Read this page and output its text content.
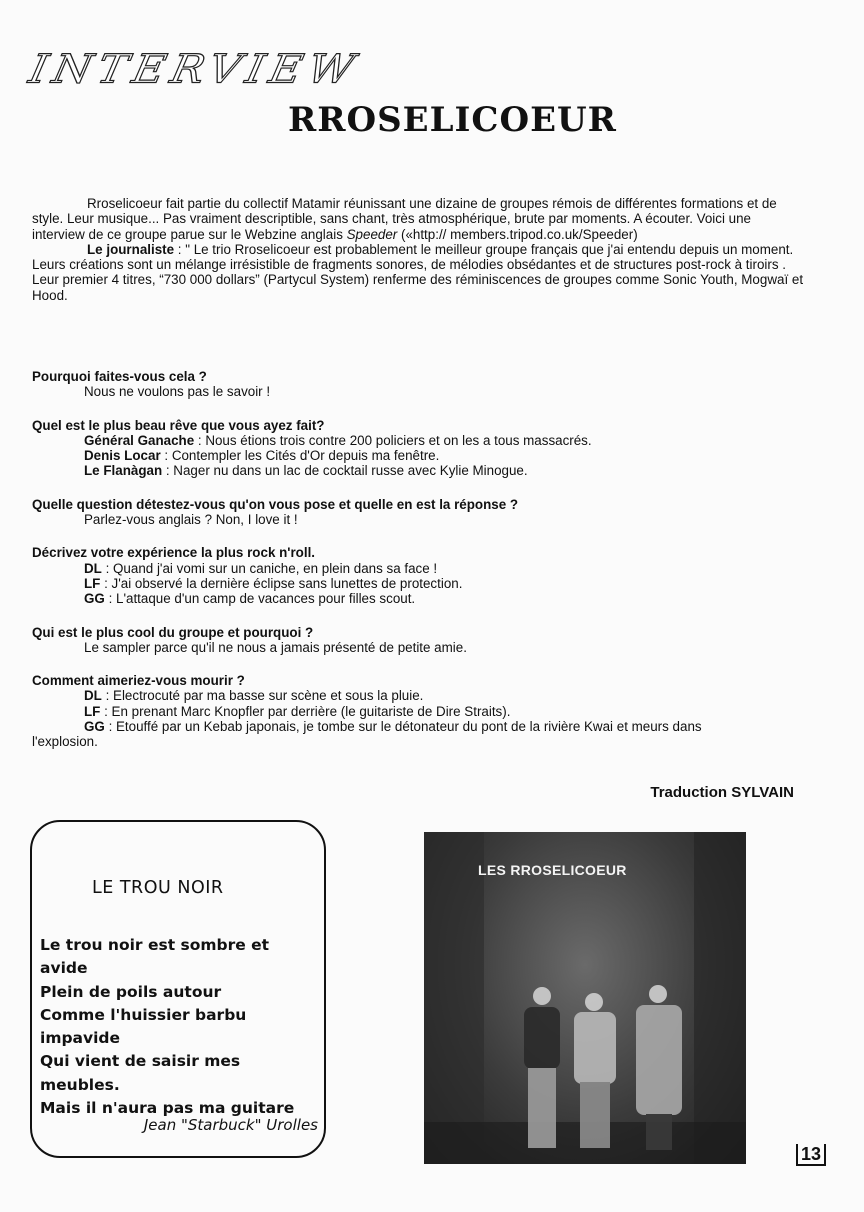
INTERVIEW
RROSELICOEUR

Rroselicoeur fait partie du collectif Matamir réunissant une dizaine de groupes rémois de différentes formations et de style. Leur musique... Pas vraiment descriptible, sans chant, très atmosphérique, brute par moments. A écouter. Voici une interview de ce groupe parue sur le Webzine anglais Speeder («http:// members.tripod.co.uk/Speeder)

Le journaliste : " Le trio Rroselicoeur est probablement le meilleur groupe français que j'ai entendu depuis un moment. Leurs créations sont un mélange irrésistible de fragments sonores, de mélodies obsédantes et de structures post-rock à tiroirs . Leur premier 4 titres, “730 000 dollars” (Partycul System) renferme des réminiscences de groupes comme Sonic Youth, Mogwaï et Hood.

Pourquoi faites-vous cela ?

Nous ne voulons pas le savoir !

Quel est le plus beau rêve que vous ayez fait?

Général Ganache : Nous étions trois contre 200 policiers et on les a tous massacrés.

Denis Locar : Contempler les Cités d'Or depuis ma fenêtre.

Le Flanàgan : Nager nu dans un lac de cocktail russe avec Kylie Minogue.

Quelle question détestez-vous qu'on vous pose et quelle en est la réponse ?

Parlez-vous anglais ? Non, I love it !

Décrivez votre expérience la plus rock n'roll.

DL : Quand j'ai vomi sur un caniche, en plein dans sa face !

LF : J'ai observé la dernière éclipse sans lunettes de protection.

GG : L'attaque d'un camp de vacances pour filles scout.

Qui est le plus cool du groupe et pourquoi ?

Le sampler parce qu'il ne nous a jamais présenté de petite amie.

Comment aimeriez-vous mourir ?

DL : Electrocuté par ma basse sur scène et sous la pluie.

LF : En prenant Marc Knopfler par derrière (le guitariste de Dire Straits).

GG : Etouffé par un Kebab japonais, je tombe sur le détonateur du pont de la rivière Kwai et meurs dans

l'explosion.

Traduction SYLVAIN
LE TROU NOIR
Le trou noir est sombre et
avide
Plein de poils autour
Comme l'huissier barbu impavide
Qui vient de saisir mes
meubles.
Mais il n'aura pas ma guitare
Jean "Starbuck" Urolles
LES RROSELICOEUR
13
